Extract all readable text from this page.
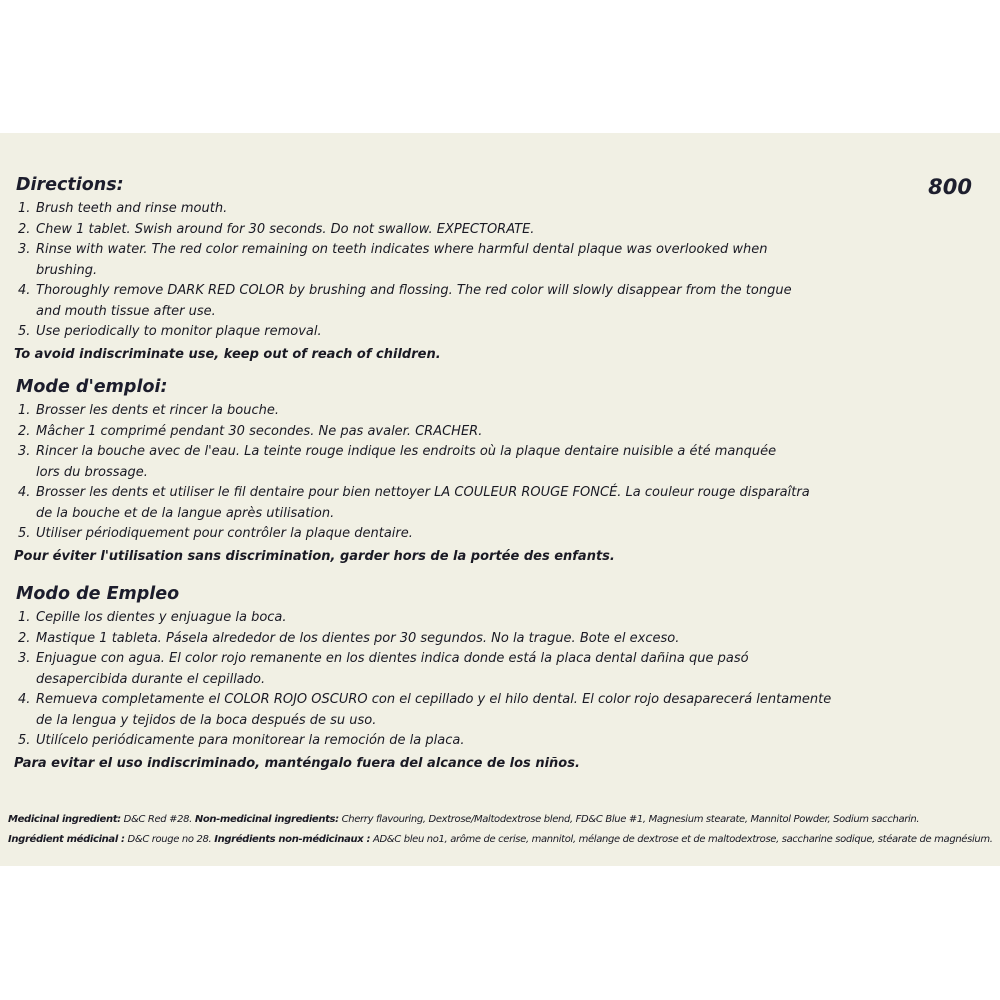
800
Directions:
1. Brush teeth and rinse mouth.
2. Chew 1 tablet. Swish around for 30 seconds. Do not swallow. EXPECTORATE.
3. Rinse with water. The red color remaining on teeth indicates where harmful dental plaque was overlooked when brushing.
4. Thoroughly remove DARK RED COLOR by brushing and flossing. The red color will slowly disappear from the tongue and mouth tissue after use.
5. Use periodically to monitor plaque removal.
To avoid indiscriminate use, keep out of reach of children.
Mode d'emploi:
1. Brosser les dents et rincer la bouche.
2. Mâcher 1 comprimé pendant 30 secondes. Ne pas avaler. CRACHER.
3. Rincer la bouche avec de l'eau. La teinte rouge indique les endroits où la plaque dentaire nuisible a été manquée lors du brossage.
4. Brosser les dents et utiliser le fil dentaire pour bien nettoyer LA COULEUR ROUGE FONCÉ. La couleur rouge disparaîtra de la bouche et de la langue après utilisation.
5. Utiliser périodiquement pour contrôler la plaque dentaire.
Pour éviter l'utilisation sans discrimination, garder hors de la portée des enfants.
Modo de Empleo
1. Cepille los dientes y enjuague la boca.
2. Mastique 1 tableta. Pásela alrededor de los dientes por 30 segundos. No la trague. Bote el exceso.
3. Enjuague con agua. El color rojo remanente en los dientes indica donde está la placa dental dañina que pasó desapercibida durante el cepillado.
4. Remueva completamente el COLOR ROJO OSCURO con el cepillado y el hilo dental. El color rojo desaparecerá lentamente de la lengua y tejidos de la boca después de su uso.
5. Utilícelo periódicamente para monitorear la remoción de la placa.
Para evitar el uso indiscriminado, manténgalo fuera del alcance de los niños.
Medicinal ingredient: D&C Red #28. Non-medicinal ingredients: Cherry flavouring, Dextrose/Maltodextrose blend, FD&C Blue #1, Magnesium stearate, Mannitol Powder, Sodium saccharin.
Ingrédient médicinal : D&C rouge no 28. Ingrédients non-médicinaux : AD&C bleu no1, arôme de cerise, mannitol, mélange de dextrose et de maltodextrose, saccharine sodique, stéarate de magnésium.
